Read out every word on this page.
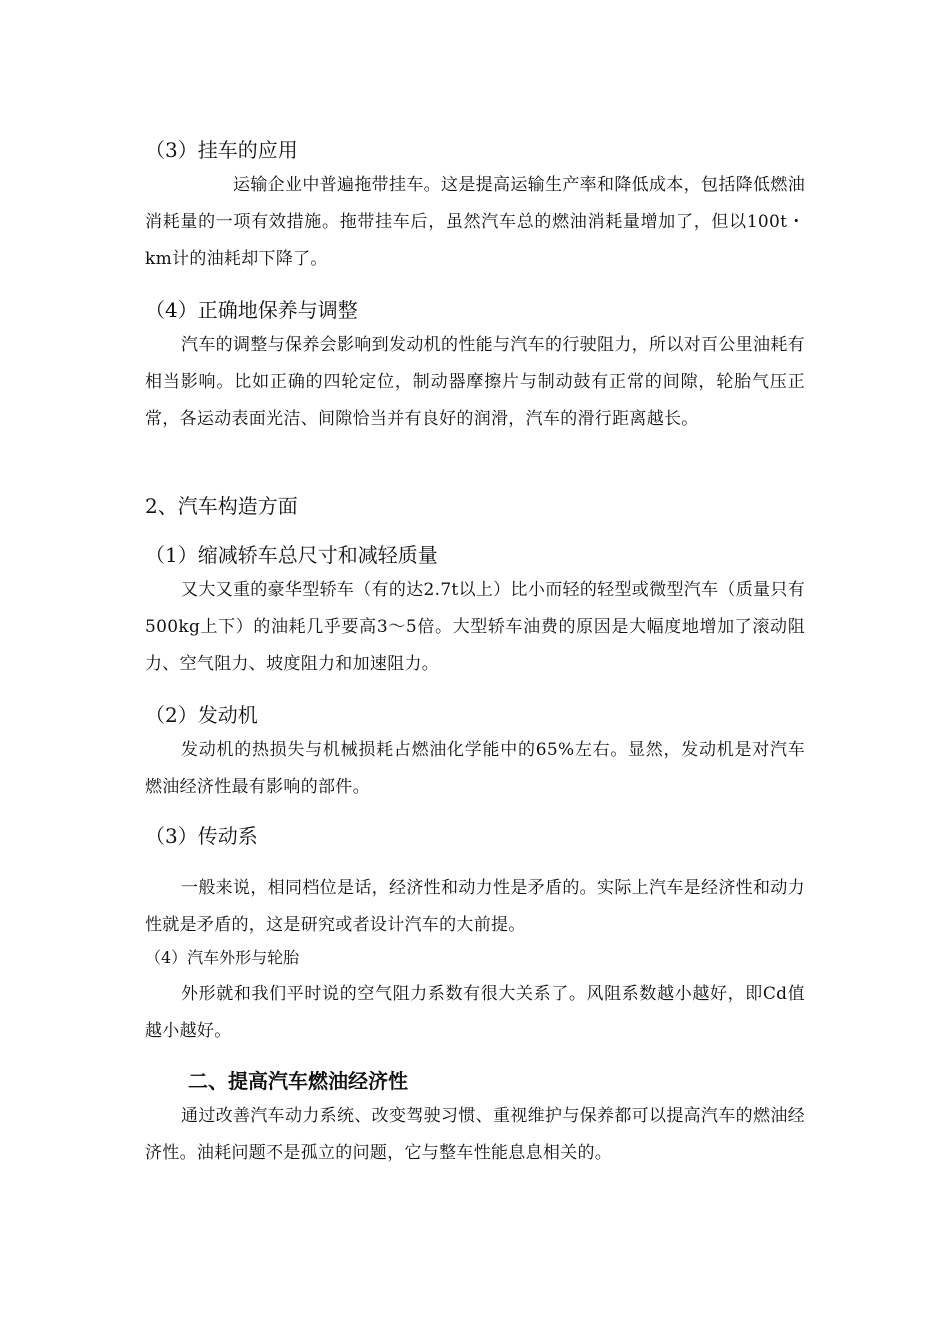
（3）挂车的应用

运输企业中普遍拖带挂车。这是提高运输生产率和降低成本，包括降低燃油消耗量的一项有效措施。拖带挂车后，虽然汽车总的燃油消耗量增加了，但以100t・km计的油耗却下降了。

（4）正确地保养与调整

汽车的调整与保养会影响到发动机的性能与汽车的行驶阻力，所以对百公里油耗有相当影响。比如正确的四轮定位，制动器摩擦片与制动鼓有正常的间隙，轮胎气压正常，各运动表面光洁、间隙恰当并有良好的润滑，汽车的滑行距离越长。

2、汽车构造方面
（1）缩减轿车总尺寸和减轻质量

又大又重的豪华型轿车（有的达2.7t以上）比小而轻的轻型或微型汽车（质量只有500kg上下）的油耗几乎要高3～5倍。大型轿车油费的原因是大幅度地增加了滚动阻力、空气阻力、坡度阻力和加速阻力。

（2）发动机

发动机的热损失与机械损耗占燃油化学能中的65%左右。显然，发动机是对汽车燃油经济性最有影响的部件。

（3）传动系

一般来说，相同档位是话，经济性和动力性是矛盾的。实际上汽车是经济性和动力性就是矛盾的，这是研究或者设计汽车的大前提。

（4）汽车外形与轮胎

外形就和我们平时说的空气阻力系数有很大关系了。风阻系数越小越好，即Cd值越小越好。

二、提高汽车燃油经济性

通过改善汽车动力系统、改变驾驶习惯、重视维护与保养都可以提高汽车的燃油经济性。油耗问题不是孤立的问题，它与整车性能息息相关的。
